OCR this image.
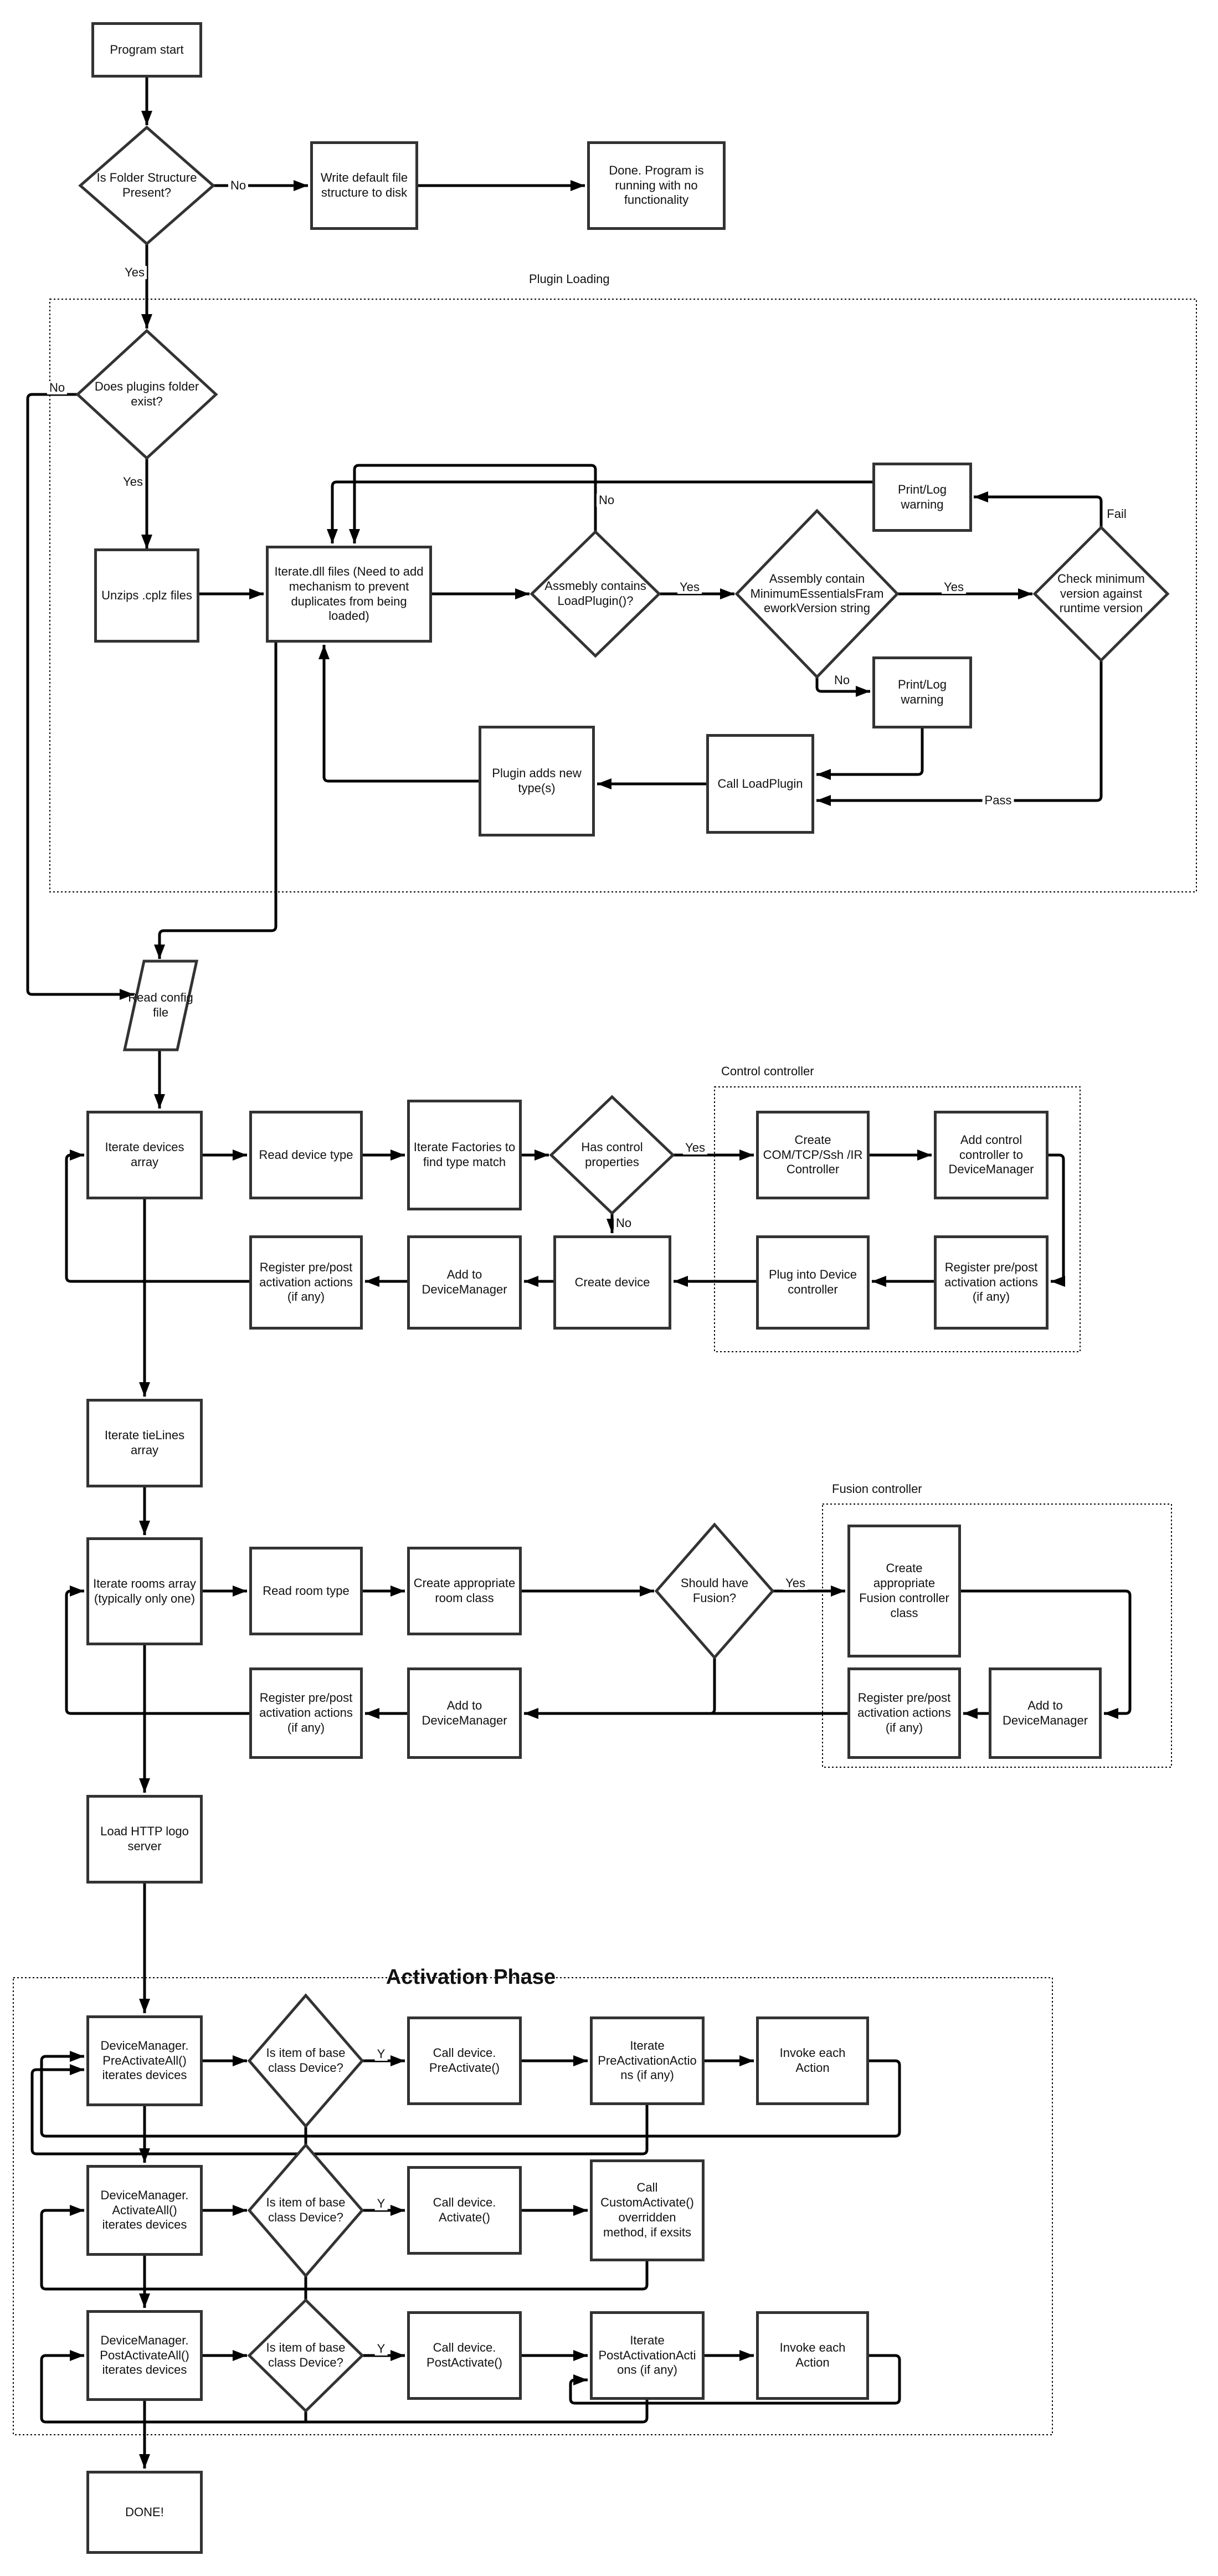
Program start
Write default file structure to disk
Done. Program is running with no functionality
Unzips .cplz files
Iterate.dll files (Need to add mechanism to prevent duplicates from being loaded)
Print/Log warning
Print/Log warning
Call LoadPlugin
Plugin adds new type(s)
Iterate devices array
Read device type
Iterate Factories to find type match
Create COM/TCP/Ssh /IR Controller
Add control controller to DeviceManager
Register pre/post activation actions (if any)
Plug into Device controller
Create device
Add to DeviceManager
Register pre/post activation actions (if any)
Iterate tieLines array
Iterate rooms array (typically only one)
Read room type
Create appropriate room class
Create appropriate Fusion controller class
Add to DeviceManager
Register pre/post activation actions (if any)
Add to DeviceManager
Register pre/post activation actions (if any)
Load HTTP logo server
DeviceManager. PreActivateAll() iterates devices
Call device. PreActivate()
Iterate PreActivationActions (if any)
Invoke each Action
DeviceManager. ActivateAll() iterates devices
Call device. Activate()
Call CustomActivate() overridden method, if exsits
DeviceManager. PostActivateAll() iterates devices
Call device. PostActivate()
Iterate PostActivationActions (if any)
Invoke each Action
DONE!
Is Folder Structure Present?
Does plugins folder exist?
Assmebly contains LoadPlugin()?
Assembly contain MinimumEssentialsFrameworkVersion string
Check minimum version against runtime version
Has control properties
Should have Fusion?
Is item of base class Device?
Is item of base class Device?
Is item of base class Device?
Read config file
No
Yes
No
Yes
No
Yes	Yes
No
Fail
Pass
Yes
No
Yes
Y
Y
Y
Plugin Loading
Control controller
Fusion controller
Activation Phase
